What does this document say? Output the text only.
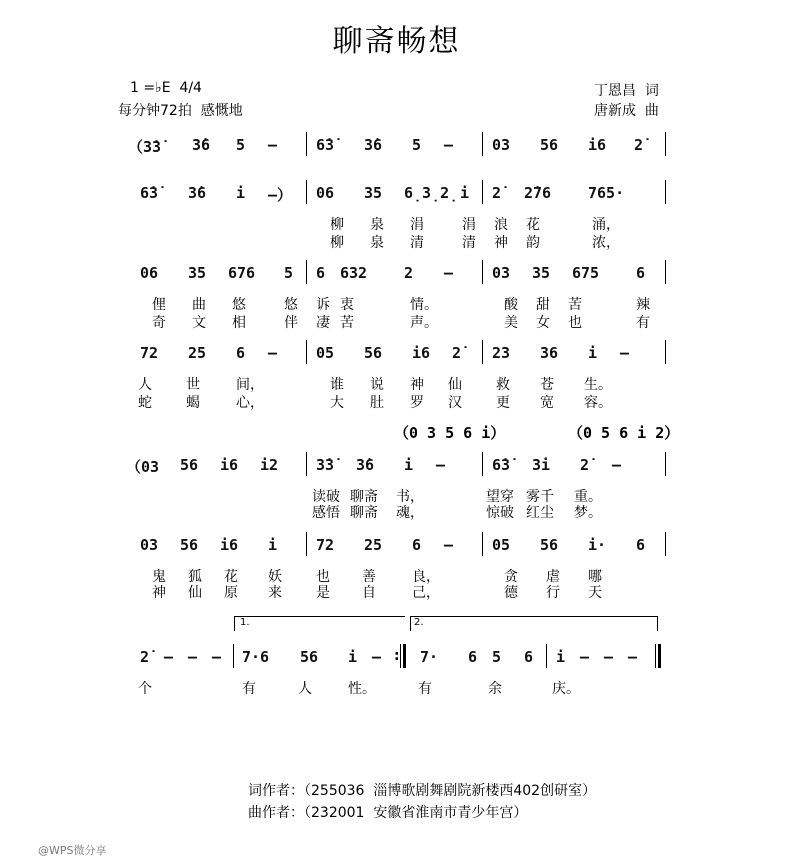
聊斋畅想
1 =♭E  4/4
每分钟72拍  感慨地
丁恩昌  词
唐新成  曲
（3̇3̇ 3̇6 5 —	6̇3̇ 3̇6 5 —	03 56 i6 2̇
6̇3̇ 3̇6 i —） 06 35 6̣3̣2̣ i 2̇ 2̇76 765·
柳 泉 涓	涓 浪 花	涌，
柳 泉 清	清 神 韵	浓，
06 35 676 5 6 632 2 —	03 35 675 6
俚 曲 悠	悠 诉 衷	情。	酸 甜 苦	辣
奇 文 相	伴 凄 苦	声。	美 女 也	有
72 25 6 —	05 56 i6 2̇ 23 36 i —
人 世	间，	谁 说 神 仙 救 苍 生。
蛇 蝎	心，	大 肚 罗 汉 更 宽 容。
（0 3 5 6 i）	（0 5 6 i 2）
（03 56 i6 i2	3̇3̇ 3̇6 i —	6̇3̇ 3̇i 2̇ —
读破 聊斋 书，	望穿 雾千 重。
感悟 聊斋 魂，	惊破 红尘 梦。
03 56 i6 i	72 25 6 —	05 56 i· 6
鬼 狐 花 妖 也 善	良，	贪 虐 哪
神 仙 原 来 是 自	己，	德 行 天
1.	2.
2̇ — — — 7·6 56 i —	7· 6 5 6 i — — —
:
个	有	人	性。	有	余	庆。
词作者：（255036  淄博歌剧舞剧院新楼西402创研室）
曲作者：（232001  安徽省淮南市青少年宫）
@WPS微分享
